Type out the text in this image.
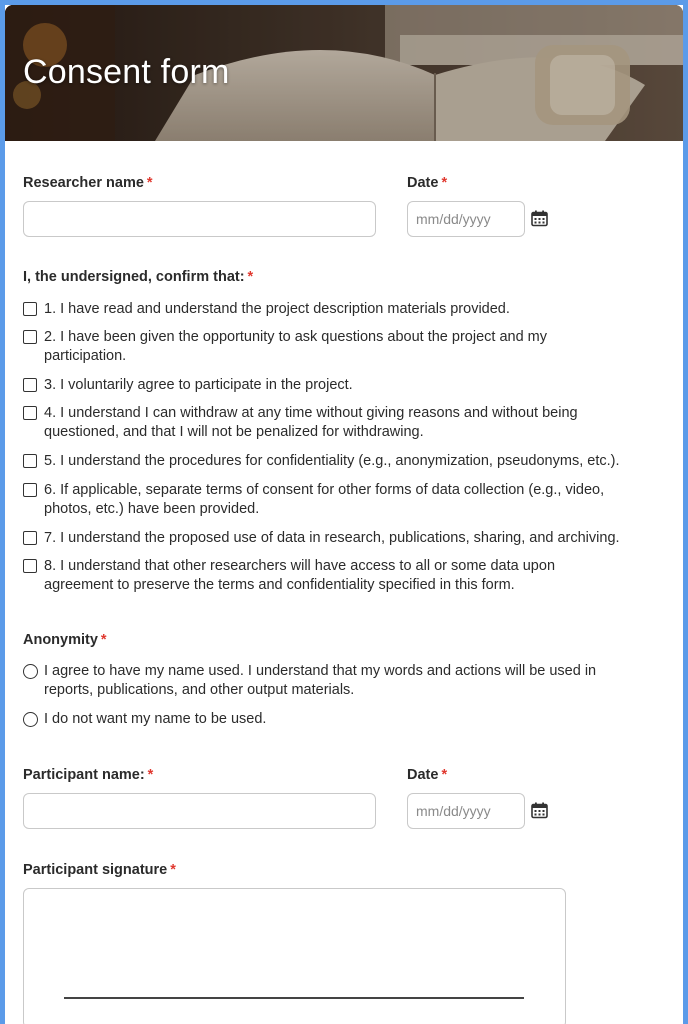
Consent form
Researcher name *	Date *
mm/dd/yyyy
I, the undersigned, confirm that: *
1. I have read and understand the project description materials provided.
2. I have been given the opportunity to ask questions about the project and my
participation.
3. I voluntarily agree to participate in the project.
4. I understand I can withdraw at any time without giving reasons and without being
questioned, and that I will not be penalized for withdrawing.
5. I understand the procedures for confidentiality (e.g., anonymization, pseudonyms, etc.).
6. If applicable, separate terms of consent for other forms of data collection (e.g., video,
photos, etc.) have been provided.
7. I understand the proposed use of data in research, publications, sharing, and archiving.
8. I understand that other researchers will have access to all or some data upon
agreement to preserve the terms and confidentiality specified in this form.
Anonymity *
I agree to have my name used. I understand that my words and actions will be used in
reports, publications, and other output materials.
I do not want my name to be used.
Participant name: *	Date *
mm/dd/yyyy
Participant signature *
